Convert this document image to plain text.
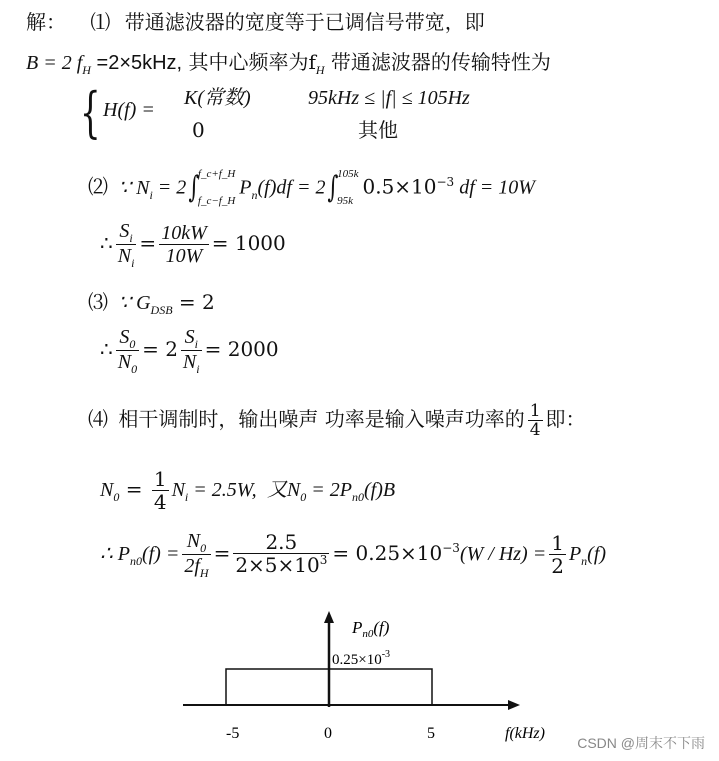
解： ⑴ 带通滤波器的宽度等于已调信号带宽，即
B = 2 $f_H =2\times 5kHz$, 其中心频率为$f_H$ 带通滤波器的传输特性为
H(f) =
{	K(常数)	95kHz ≤ |f| ≤ 105Hz
0	其他
⑵ ∵ $N_i = 2\int$
f_c+f_H
f_c−f_H
$P_n(f)df = 2\int$
105k
95k
$0.5\times 10^{-3}$ df = 10W
∴ $\frac{S_i}{N_i} = \frac{10kW}{10W} = 1000$
⑶ ∵ $G_{DSB} = 2$
∴ $\frac{S_0}{N_0} = 2 \frac{S_i}{N_i} = 2000$
⑷ 相干调制时，输出噪声 功率是输入噪声功率的 $\frac{1}{4}$ 即：
$N_0 = \frac{1}{4} N_i = 2.5W$, 又$N_0 = 2P_{n0}(f)B$
∴ $P_{n0}(f) = \frac{N_0}{2f_H} = \frac{2.5}{2\times 5\times 10^3} = 0.25\times 10^{-3}(W / Hz) = \frac{1}{2} P_n(f)$
$P_{n0}(f)$
$0.25\times 10^{-3}$
-5	0	5	f(kHz)
CSDN @周末不下雨
